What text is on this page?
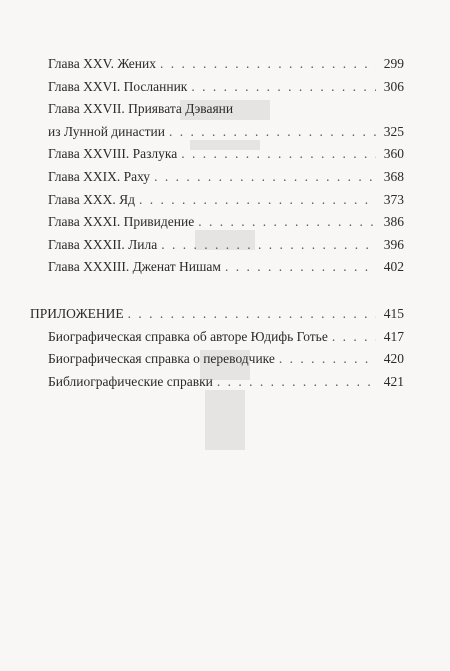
Глава XXV. Жених . . .	299
Глава XXVI. Посланник . . .	306
Глава XXVII. Приявата Дэваяни
из Лунной династии . . .	325
Глава XXVIII. Разлука . . .	360
Глава XXIX. Раху . . .	368
Глава XXX. Яд . . .	373
Глава XXXI. Привидение . . .	386
Глава XXXII. Лила . . .	396
Глава XXXIII. Дженат Нишам . . .	402
ПРИЛОЖЕНИЕ . . .	415
Биографическая справка об авторе Юдифь Готье . . .	417
Биографическая справка о переводчике . . .	420
Библиографические справки . . .	421
